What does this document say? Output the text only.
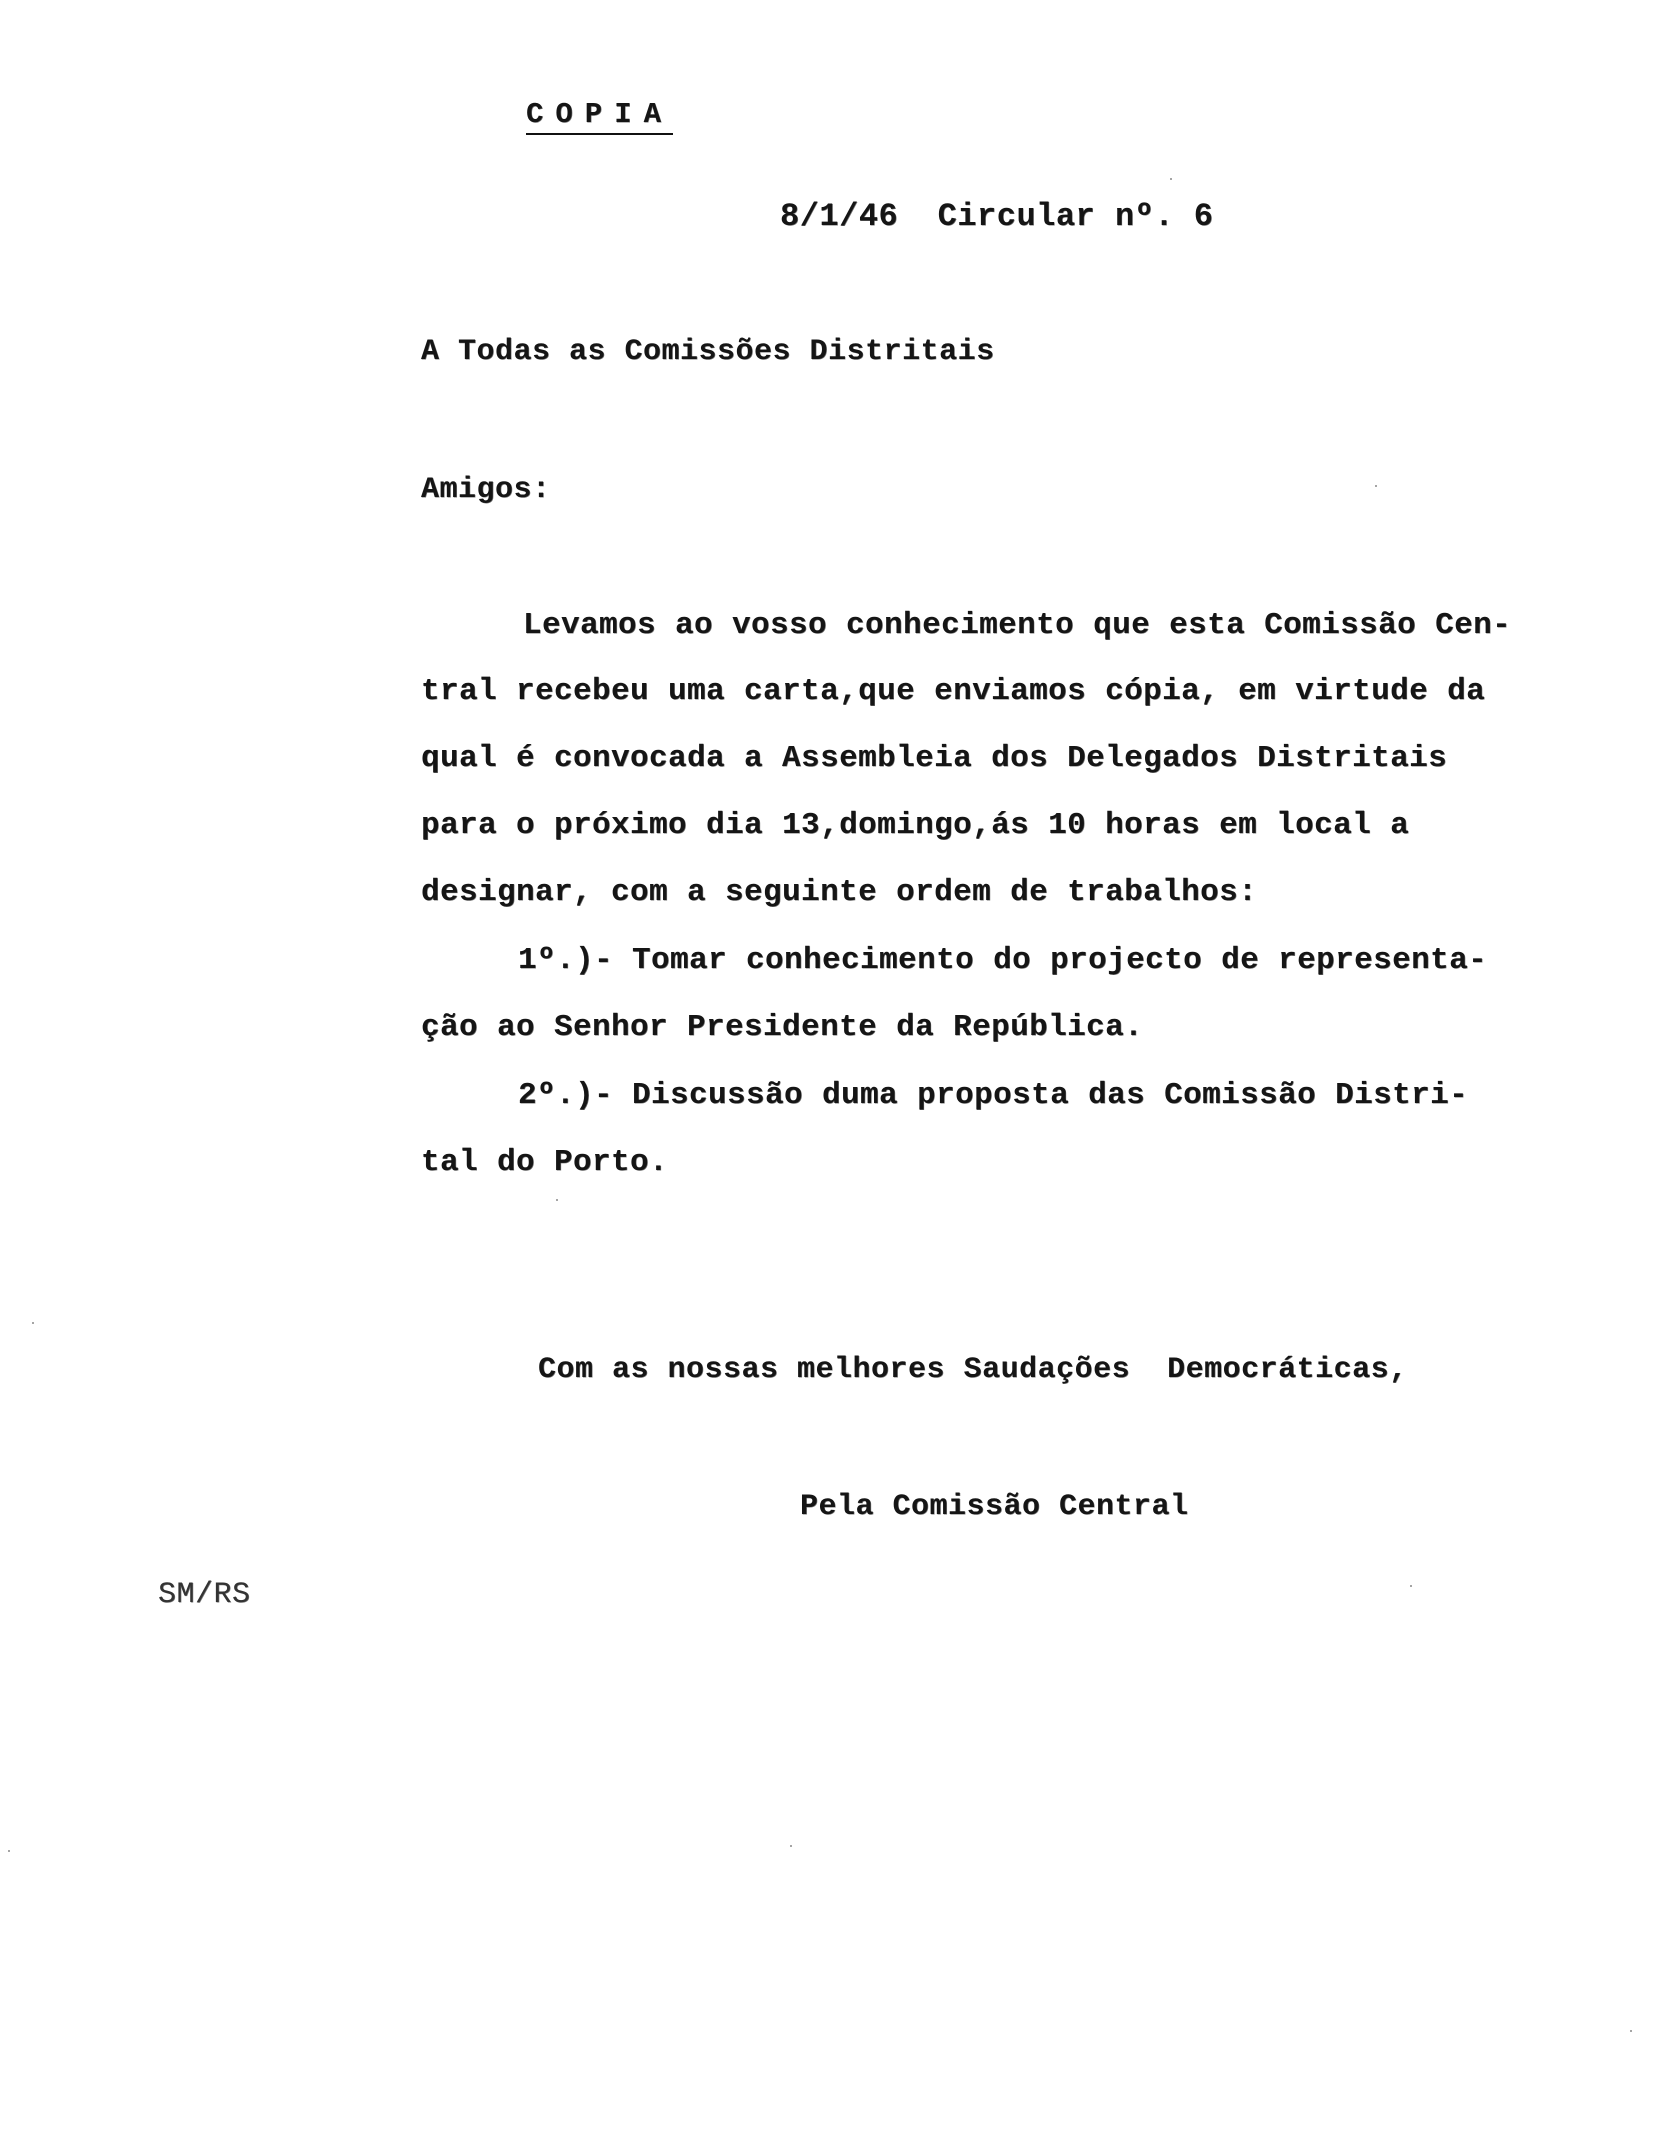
COPIA
8/1/46  Circular nº. 6
A Todas as Comissões Distritais
Amigos:
Levamos ao vosso conhecimento que esta Comissão Cen-
tral recebeu uma carta,que enviamos cópia, em virtude da
qual é convocada a Assembleia dos Delegados Distritais
para o próximo dia 13,domingo,ás 10 horas em local a
designar, com a seguinte ordem de trabalhos:
1º.)- Tomar conhecimento do projecto de representa-
ção ao Senhor Presidente da República.
2º.)- Discussão duma proposta das Comissão Distri-
tal do Porto.
Com as nossas melhores Saudações  Democráticas,
Pela Comissão Central
SM/RS
